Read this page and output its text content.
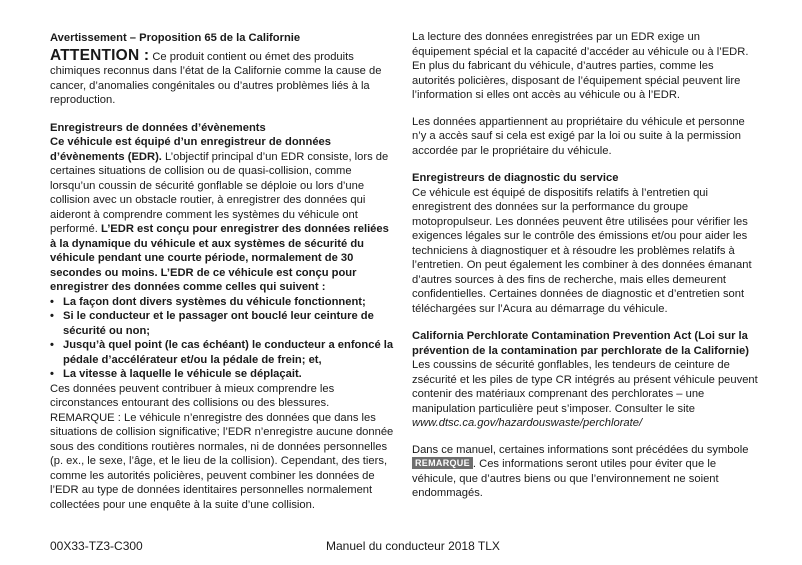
Avertissement – Proposition 65 de la Californie

ATTENTION : Ce produit contient ou émet des produits chimiques reconnus dans l’état de la Californie comme la cause de cancer, d’anomalies congénitales ou d’autres problèmes liés à la reproduction.

Enregistreurs de données d’évènements

Ce véhicule est équipé d’un enregistreur de données d’évènements (EDR). L’objectif principal d’un EDR consiste, lors de certaines situations de collision ou de quasi-collision, comme lorsqu’un coussin de sécurité gonflable se déploie ou lors d’une collision avec un obstacle routier, à enregistrer des données qui aideront à comprendre comment les systèmes du véhicule ont performé. L’EDR est conçu pour enregistrer des données reliées à la dynamique du véhicule et aux systèmes de sécurité du véhicule pendant une courte période, normalement de 30 secondes ou moins. L’EDR de ce véhicule est conçu pour enregistrer des données comme celles qui suivent :

• La façon dont divers systèmes du véhicule fonctionnent;
• Si le conducteur et le passager ont bouclé leur ceinture de sécurité ou non;
• Jusqu’à quel point (le cas échéant) le conducteur a enfoncé la pédale d’accélérateur et/ou la pédale de frein; et,
• La vitesse à laquelle le véhicule se déplaçait.

Ces données peuvent contribuer à mieux comprendre les circonstances entourant des collisions ou des blessures. REMARQUE : Le véhicule n’enregistre des données que dans les situations de collision significative; l’EDR n’enregistre aucune donnée sous des conditions routières normales, ni de données personnelles (p. ex., le sexe, l’âge, et le lieu de la collision). Cependant, des tiers, comme les autorités policières, peuvent combiner les données de l’EDR au type de données identitaires personnelles normalement collectées pour une enquête à la suite d’une collision.

La lecture des données enregistrées par un EDR exige un équipement spécial et la capacité d’accéder au véhicule ou à l’EDR. En plus du fabricant du véhicule, d’autres parties, comme les autorités policières, disposant de l’équipement spécial peuvent lire l’information si elles ont accès au véhicule ou à l’EDR.

Les données appartiennent au propriétaire du véhicule et personne n’y a accès sauf si cela est exigé par la loi ou suite à la permission accordée par le propriétaire du véhicule.

Enregistreurs de diagnostic du service

Ce véhicule est équipé de dispositifs relatifs à l’entretien qui enregistrent des données sur la performance du groupe motopropulseur. Les données peuvent être utilisées pour vérifier les exigences légales sur le contrôle des émissions et/ou pour aider les techniciens à diagnostiquer et à résoudre les problèmes relatifs à l’entretien. On peut également les combiner à des données émanant d’autres sources à des fins de recherche, mais elles demeurent confidentielles. Certaines données de diagnostic et d’entretien sont téléchargées sur l’Acura au démarrage du véhicule.

California Perchlorate Contamination Prevention Act (Loi sur la prévention de la contamination par perchlorate de la Californie)

Les coussins de sécurité gonflables, les tendeurs de ceinture de zsécurité et les piles de type CR intégrés au présent véhicule peuvent contenir des matériaux comprenant des perchlorates – une manipulation particulière peut s’imposer. Consulter le site

www.dtsc.ca.gov/hazardouswaste/perchlorate/

Dans ce manuel, certaines informations sont précédées du symbole REMARQUE . Ces informations seront utiles pour éviter que le véhicule, que d’autres biens ou que l’environnement ne soient endommagés.

00X33-TZ3-C300	Manuel du conducteur 2018 TLX
